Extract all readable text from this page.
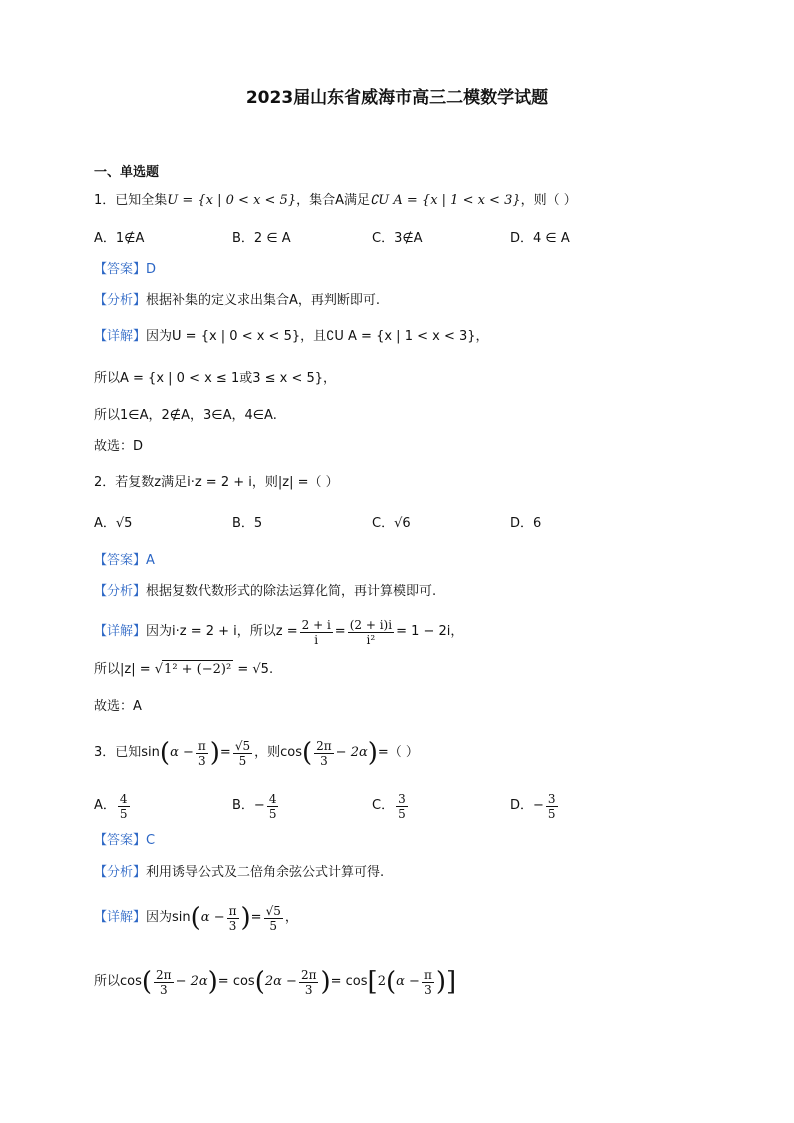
2023届山东省威海市高三二模数学试题
一、单选题
1．已知全集U = {x | 0 < x < 5}，集合A满足∁U A = {x | 1 < x < 3}，则（ ）
A．1∉A	B．2 ∈ A	C．3∉A	D．4 ∈ A
【答案】D
【分析】根据补集的定义求出集合A，再判断即可.
【详解】因为U = {x | 0 < x < 5}，且∁U A = {x | 1 < x < 3}，
所以A = {x | 0 < x ≤ 1或3 ≤ x < 5}，
所以1∈A，2∉A，3∈A，4∈A.
故选：D
2．若复数z满足i·z = 2 + i，则|z| =（ ）
A．√5	B．5	C．√6	D．6
【答案】A
【分析】根据复数代数形式的除法运算化简，再计算模即可.
【详解】 因为i·z = 2 + i，所以$z = \frac{2 + i}{i} = \frac{(2 + i)i}{\text{i²}} = 1 - 2i$，
所以|z| = √1² + (−2)² = √5.
故选：A
3．已知sin ( $\alpha - \frac{\pi}{3}$ ) = $\frac{√5}{5}$ ，则cos ( $\frac{2\pi}{3} - 2\alpha$ ) =（ ）
A． $\frac{4}{5}$	B．− $\frac{4}{5}$	C． $\frac{3}{5}$	D．− $\frac{3}{5}$
【答案】C
【分析】利用诱导公式及二倍角余弦公式计算可得.
【详解】 因为sin ( $\alpha - \frac{\pi}{3}$ ) = $\frac{√5}{5}$ ，
所以cos ( $\frac{2\pi}{3} - 2\alpha$ ) = cos ( $2\alpha - \frac{2\pi}{3}$ ) = cos [ 2 ( $\alpha - \frac{\pi}{3}$ ) ]
